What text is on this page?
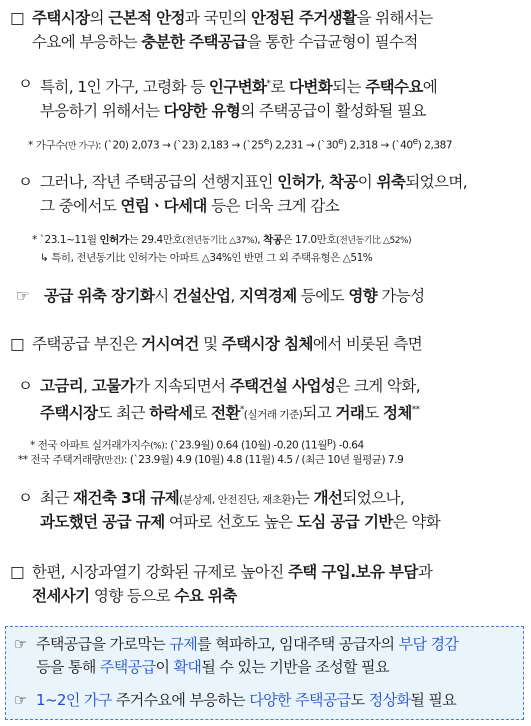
□ 주택시장의 근본적 안정과 국민의 안정된 주거생활을 위해서는
수요에 부응하는 충분한 주택공급을 통한 수급균형이 필수적
ㅇ 특히, 1인 가구, 고령화 등 인구변화*로 다변화되는 주택수요에
부응하기 위해서는 다양한 유형의 주택공급이 활성화될 필요
* 가구수(만 가구): (`20) 2,073 → (`23) $2,183 \to (`25^e) 2,231$ → $(`30^e) 2,318$ → $(`40^e)$ 2,387
ㅇ 그러나, 작년 주택공급의 선행지표인 인허가, 착공이 위축되었으며,
그 중에서도 연립ㆍ다세대 등은 더욱 크게 감소
* `23.1~11월 인허가는 29.4만호(전년동기比 △37%), 착공은 17.0만호(전년동기比 △52%)
↳ 특히, 전년동기比 인허가는 아파트 △34%인 반면 그 외 주택유형은 △51%
☞ 공급 위축 장기화시 건설산업, 지역경제 등에도 영향 가능성
□ 주택공급 부진은 거시여건 및 주택시장 침체에서 비롯된 측면
ㅇ 고금리, 고물가가 지속되면서 주택건설 사업성은 크게 악화,
주택시장도 최근 하락세로 전환*(실거래 기준)되고 거래도 정체**
* 전국 아파트 실거래가지수(%): (`23.9월) 0.64 (10월) -0.20 (11월$^p$) -0.64
** 전국 주택거래량(만건): (`23.9월) 4.9 (10월) 4.8 (11월) 4.5 / (최근 10년 월평균) 7.9
ㅇ 최근 재건축 3대 규제(분상제, 안전진단, 재초환)는 개선되었으나,
과도했던 공급 규제 여파로 선호도 높은 도심 공급 기반은 약화
□ 한편, 시장과열기 강화된 규제로 높아진 주택 구입.보유 부담과
전세사기 영향 등으로 수요 위축
☞ 주택공급을 가로막는 규제를 혁파하고, 임대주택 공급자의 부담 경감
등을 통해 주택공급이 확대될 수 있는 기반을 조성할 필요
☞ 1~2인 가구 주거수요에 부응하는 다양한 주택공급도 정상화될 필요
